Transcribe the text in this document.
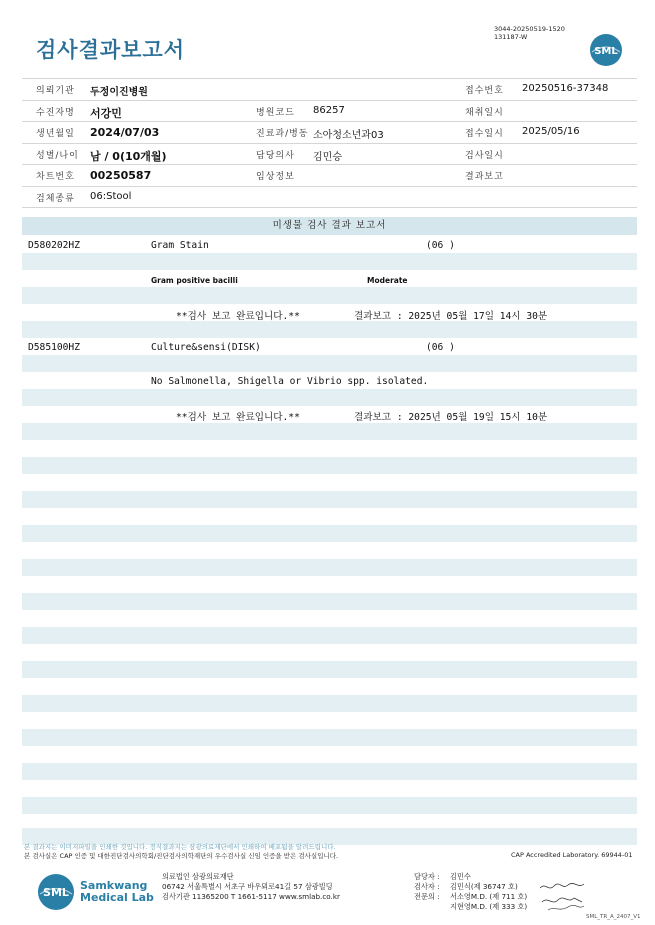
검사결과보고서
3044-20250519-1520
131187-W
SML
의뢰기관 두정이진병원	접수번호 20250516-37348
수진자명 서강민	병원코드 86257	채취일시
생년월일 2024/07/03	진료과/병동 소아청소년과03	접수일시 2025/05/16
성별/나이 남 / 0(10개월)	담당의사 김민승	검사일시
차트번호 00250587	임상정보	결과보고
검체종류 06:Stool
미생물 검사 결과 보고서
D580202HZ	Gram Stain	(06 )
Gram positive bacilli	Moderate
**검사 보고 완료입니다.**	결과보고 : 2025년 05월 17일 14시 30분
D585100HZ	Culture&sensi(DISK)	(06 )
No Salmonella, Shigella or Vibrio spp. isolated.
**검사 보고 완료입니다.**	결과보고 : 2025년 05월 19일 15시 10분
본 결과지는 이미지파일을 인쇄한 것입니다. 정식결과지는 삼광의료재단에서 인쇄하여 배포됨을 알려드립니다.
본 검사실은 CAP 인증 및 대한진단검사의학회/진단검사의학재단의 우수검사실 신임 인증을 받은 검사실입니다.	CAP Accredited Laboratory. 69944-01
SML
Samkwang
Medical Lab
의료법인 삼광의료재단
06742 서울특별시 서초구 바우뫼로41길 57 삼광빌딩
검사기관 11365200 T 1661-5117 www.smlab.co.kr
담당자 : 김민수
검사자 : 김민식(제 36747 호)
전문의 : 서소영M.D. (제 711 호)
지현영M.D. (제 333 호)
SML_TR_A_2407_V1
